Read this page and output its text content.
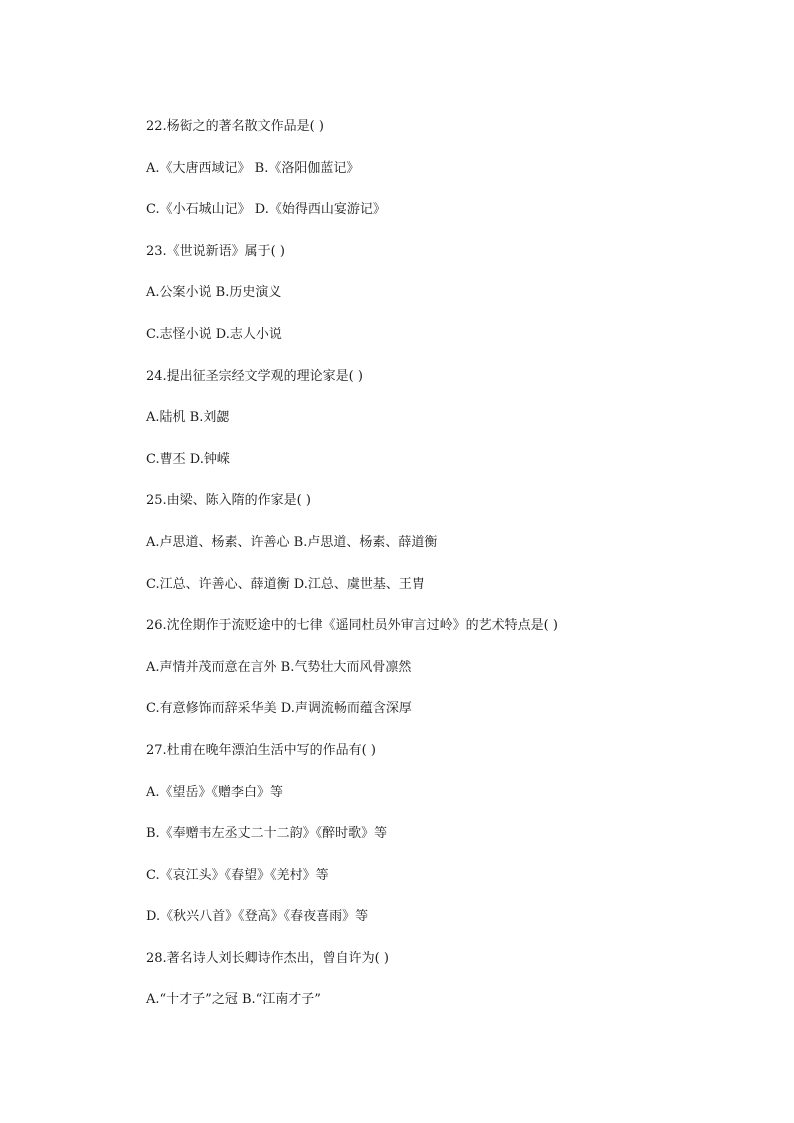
22.杨衒之的著名散文作品是( )
A.《大唐西域记》 B.《洛阳伽蓝记》
C.《小石城山记》 D.《始得西山宴游记》
23.《世说新语》属于( )
A.公案小说 B.历史演义
C.志怪小说 D.志人小说
24.提出征圣宗经文学观的理论家是( )
A.陆机 B.刘勰
C.曹丕 D.钟嵘
25.由梁、陈入隋的作家是( )
A.卢思道、杨素、许善心 B.卢思道、杨素、薛道衡
C.江总、许善心、薛道衡 D.江总、虞世基、王胄
26.沈佺期作于流贬途中的七律《遥同杜员外审言过岭》的艺术特点是( )
A.声情并茂而意在言外 B.气势壮大而风骨凛然
C.有意修饰而辞采华美 D.声调流畅而蕴含深厚
27.杜甫在晚年漂泊生活中写的作品有( )
A.《望岳》《赠李白》等
B.《奉赠韦左丞丈二十二韵》《醉时歌》等
C.《哀江头》《春望》《羌村》等
D.《秋兴八首》《登高》《春夜喜雨》等
28.著名诗人刘长卿诗作杰出，曾自许为( )
A.“十才子”之冠 B.“江南才子”
